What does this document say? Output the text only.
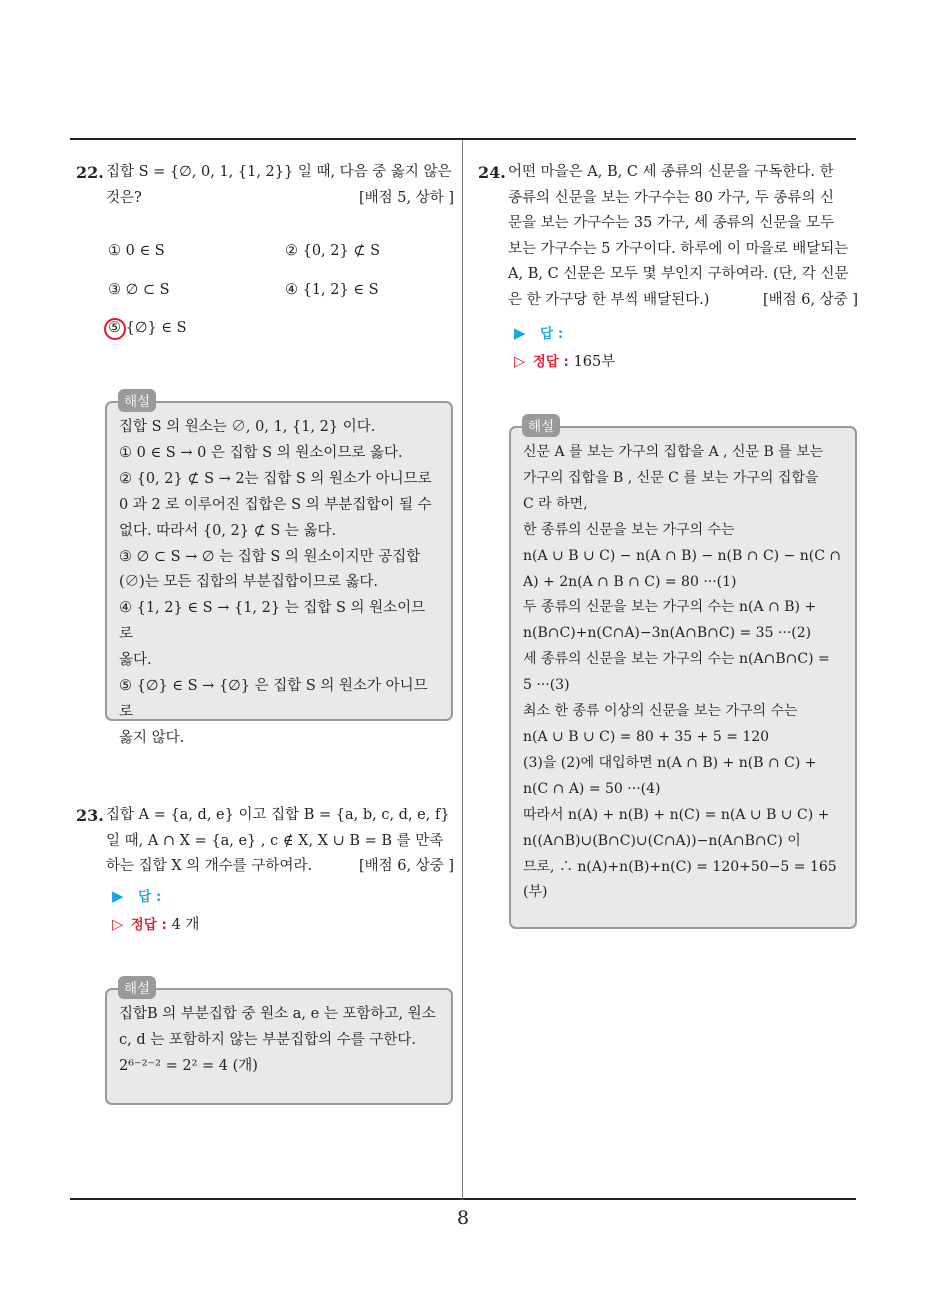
22. 집합 S = {∅, 0, 1, {1, 2}} 일 때, 다음 중 옳지 않은
것은?	[배점 5, 상하 ]
① 0 ∈ S	② {0, 2} ⊄ S
③ ∅ ⊂ S	④ {1, 2} ∈ S
⑤ {∅} ∈ S
집합 S 의 원소는 ∅, 0, 1, {1, 2} 이다.
① 0 ∈ S → 0 은 집합 S 의 원소이므로 옳다.
② {0, 2} ⊄ S → 2는 집합 S 의 원소가 아니므로
0 과 2 로 이루어진 집합은 S 의 부분집합이 될 수
없다. 따라서 {0, 2} ⊄ S 는 옳다.
③ ∅ ⊂ S → ∅ 는 집합 S 의 원소이지만 공집합
(∅)는 모든 집합의 부분집합이므로 옳다.
④ {1, 2} ∈ S → {1, 2} 는 집합 S 의 원소이므로
옳다.
⑤ {∅} ∈ S → {∅} 은 집합 S 의 원소가 아니므로
옳지 않다.
해설
23. 집합 A = {a, d, e} 이고 집합 B = {a, b, c, d, e, f}
일 때, A ∩ X = {a, e} , c ∉ X, X ∪ B = B 를 만족
하는 집합 X 의 개수를 구하여라.	[배점 6, 상중 ]
▶ 답 :
▷ 정답 : 4 개
집합B 의 부분집합 중 원소 a, e 는 포함하고, 원소
c, d 는 포함하지 않는 부분집합의 수를 구한다.
2⁶⁻²⁻² = 2² = 4 (개)
해설
24. 어떤 마을은 A, B, C 세 종류의 신문을 구독한다. 한
종류의 신문을 보는 가구수는 80 가구, 두 종류의 신
문을 보는 가구수는 35 가구, 세 종류의 신문을 모두
보는 가구수는 5 가구이다. 하루에 이 마을로 배달되는
A, B, C 신문은 모두 몇 부인지 구하여라. (단, 각 신문
은 한 가구당 한 부씩 배달된다.)	[배점 6, 상중 ]
▶ 답 :
▷ 정답 : 165부
신문 A 를 보는 가구의 집합을 A , 신문 B 를 보는
가구의 집합을 B , 신문 C 를 보는 가구의 집합을
C 라 하면,
한 종류의 신문을 보는 가구의 수는
n(A ∪ B ∪ C) − n(A ∩ B) − n(B ∩ C) − n(C ∩
A) + 2n(A ∩ B ∩ C) = 80 ···(1)
두 종류의 신문을 보는 가구의 수는 n(A ∩ B) +
n(B∩C)+n(C∩A)−3n(A∩B∩C) = 35 ···(2)
세 종류의 신문을 보는 가구의 수는 n(A∩B∩C) =
5 ···(3)
최소 한 종류 이상의 신문을 보는 가구의 수는
n(A ∪ B ∪ C) = 80 + 35 + 5 = 120
(3)을 (2)에 대입하면 n(A ∩ B) + n(B ∩ C) +
n(C ∩ A) = 50 ···(4)
따라서 n(A) + n(B) + n(C) = n(A ∪ B ∪ C) +
n((A∩B)∪(B∩C)∪(C∩A))−n(A∩B∩C) 이
므로, ∴ n(A)+n(B)+n(C) = 120+50−5 = 165
(부)
해설
8
